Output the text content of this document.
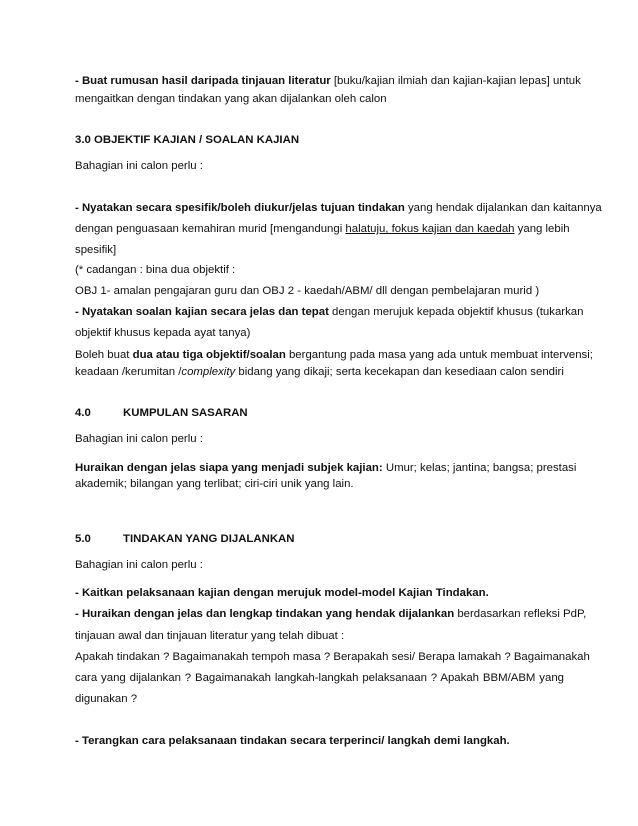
- Buat rumusan hasil daripada tinjauan literatur [buku/kajian ilmiah dan kajian-kajian lepas] untuk
mengaitkan dengan tindakan yang akan dijalankan oleh calon
3.0 OBJEKTIF KAJIAN / SOALAN KAJIAN
Bahagian ini calon perlu :
- Nyatakan secara spesifik/boleh diukur/jelas tujuan tindakan yang hendak dijalankan dan kaitannya
dengan penguasaan kemahiran murid [mengandungi halatuju, fokus kajian dan kaedah yang lebih
spesifik]
(* cadangan : bina dua objektif :
OBJ 1- amalan pengajaran guru dan OBJ 2 - kaedah/ABM/ dll dengan pembelajaran murid )
- Nyatakan soalan kajian secara jelas dan tepat dengan merujuk kepada objektif khusus (tukarkan
objektif khusus kepada ayat tanya)
Boleh buat dua atau tiga objektif/soalan bergantung pada masa yang ada untuk membuat intervensi;
keadaan /kerumitan /complexity bidang yang dikaji; serta kecekapan dan kesediaan calon sendiri
4.0	KUMPULAN SASARAN
Bahagian ini calon perlu :
Huraikan dengan jelas siapa yang menjadi subjek kajian: Umur; kelas; jantina; bangsa; prestasi
akademik; bilangan yang terlibat; ciri-ciri unik yang lain.
5.0	TINDAKAN YANG DIJALANKAN
Bahagian ini calon perlu :
- Kaitkan pelaksanaan kajian dengan merujuk model-model Kajian Tindakan.
- Huraikan dengan jelas dan lengkap tindakan yang hendak dijalankan berdasarkan refleksi PdP,
tinjauan awal dan tinjauan literatur yang telah dibuat :
Apakah tindakan ? Bagaimanakah tempoh masa ? Berapakah sesi/ Berapa lamakah ? Bagaimanakah
cara yang dijalankan ? Bagaimanakah langkah-langkah pelaksanaan ? Apakah BBM/ABM yang
digunakan ?
- Terangkan cara pelaksanaan tindakan secara terperinci/ langkah demi langkah.
